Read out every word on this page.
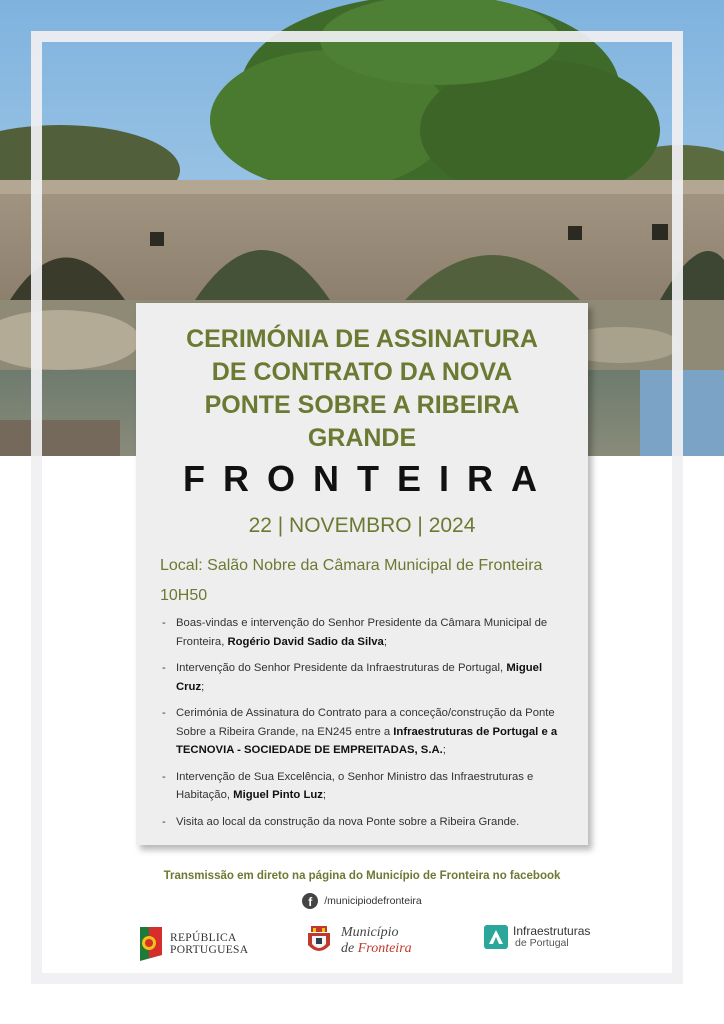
CERIMÓNIA DE ASSINATURA
DE CONTRATO DA NOVA
PONTE SOBRE A RIBEIRA
GRANDE
FRONTEIRA
22 | NOVEMBRO | 2024
Local: Salão Nobre da Câmara Municipal de Fronteira
10H50
- Boas-vindas e intervenção do Senhor Presidente da Câmara Municipal de Fronteira, Rogério David Sadio da Silva;
- Intervenção do Senhor Presidente da Infraestruturas de Portugal, Miguel Cruz;
- Cerimónia de Assinatura do Contrato para a conceção/construção da Ponte Sobre a Ribeira Grande, na EN245 entre a Infraestruturas de Portugal e a TECNOVIA - SOCIEDADE DE EMPREITADAS, S.A.;
- Intervenção de Sua Excelência, o Senhor Ministro das Infraestruturas e Habitação, Miguel Pinto Luz;
- Visita ao local da construção da nova Ponte sobre a Ribeira Grande.
Transmissão em direto na página do Município de Fronteira no facebook
f	/municipiodefronteira
REPÚBLICA
PORTUGUESA
Município
de Fronteira
Infraestruturas
de Portugal
